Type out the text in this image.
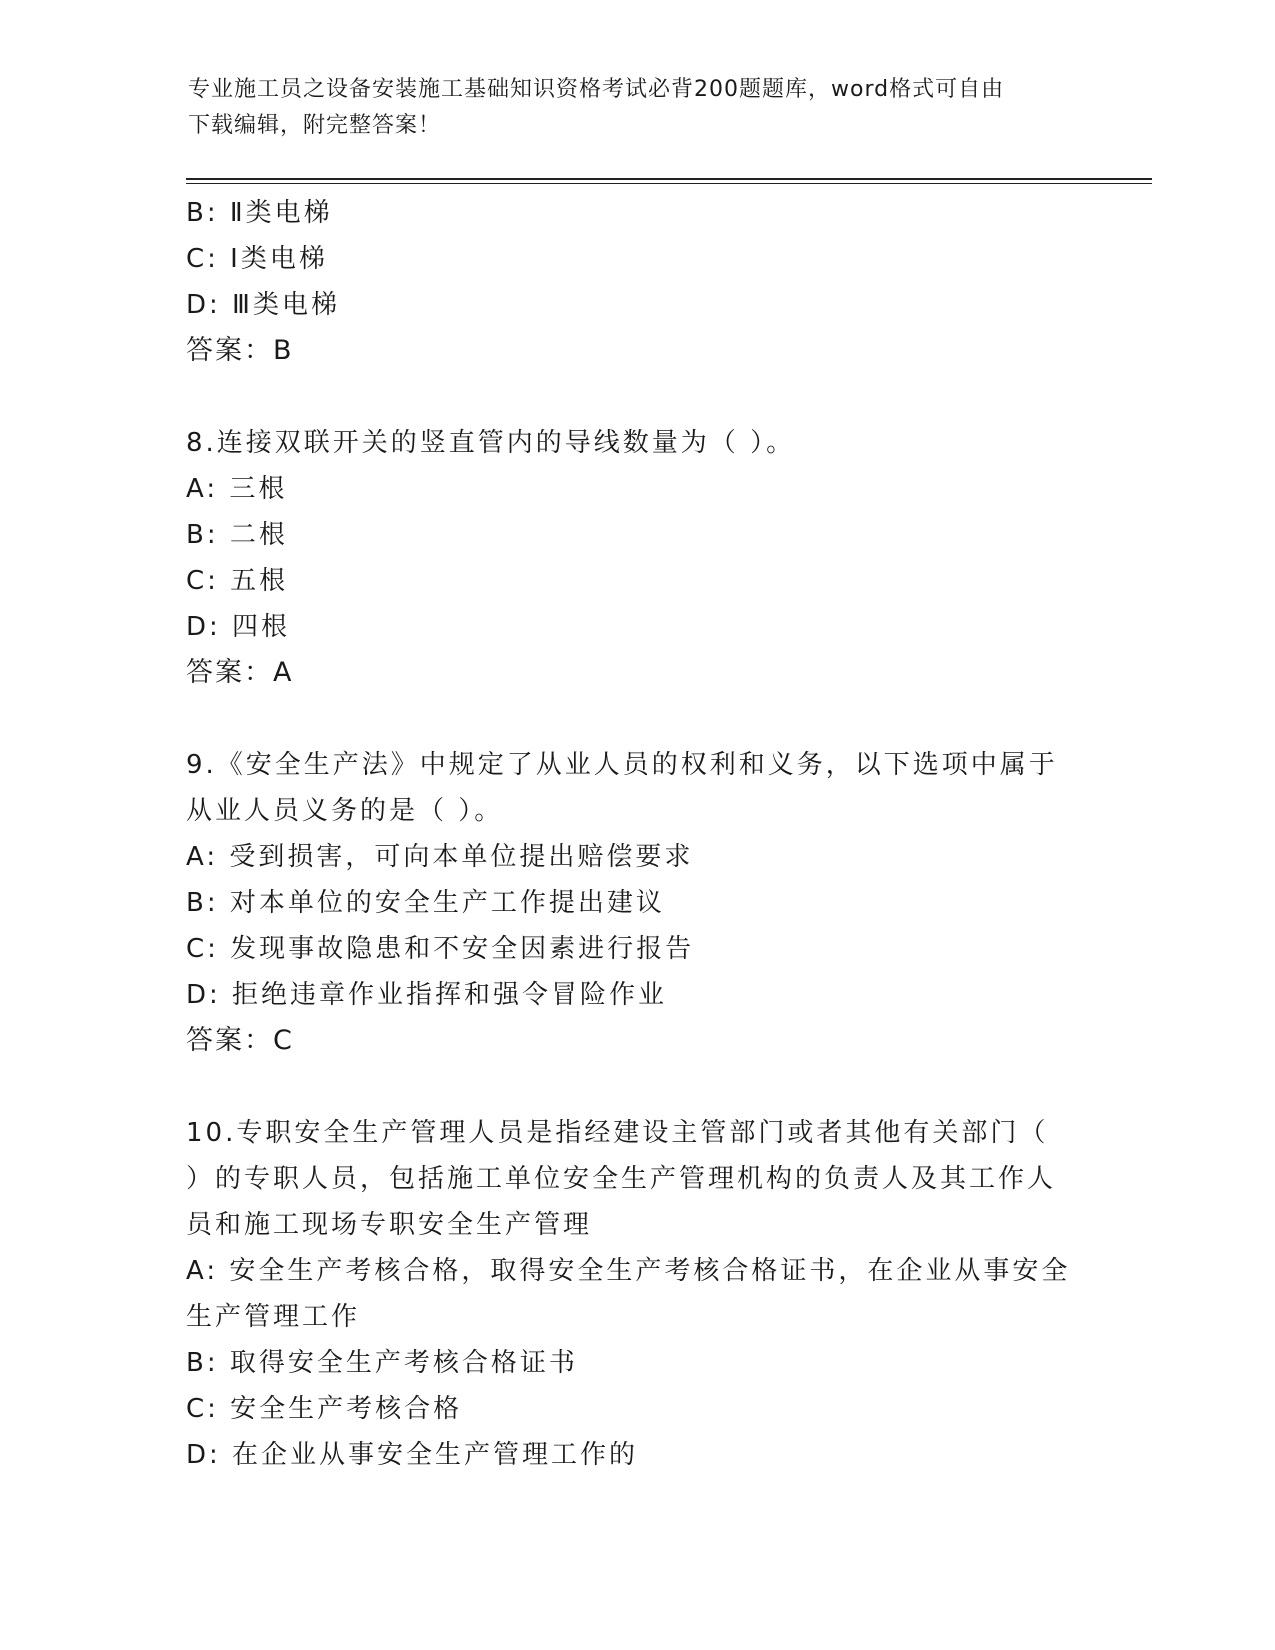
专业施工员之设备安装施工基础知识资格考试必背200题题库，word格式可自由
下载编辑，附完整答案！
B: Ⅱ类电梯
C: Ⅰ类电梯
D: Ⅲ类电梯
答案：B
8.连接双联开关的竖直管内的导线数量为（ ）。
A: 三根
B: 二根
C: 五根
D: 四根
答案：A
9.《安全生产法》中规定了从业人员的权利和义务，以下选项中属于
从业人员义务的是（ ）。
A: 受到损害，可向本单位提出赔偿要求
B: 对本单位的安全生产工作提出建议
C: 发现事故隐患和不安全因素进行报告
D: 拒绝违章作业指挥和强令冒险作业
答案：C
10.专职安全生产管理人员是指经建设主管部门或者其他有关部门（
）的专职人员，包括施工单位安全生产管理机构的负责人及其工作人
员和施工现场专职安全生产管理
A: 安全生产考核合格，取得安全生产考核合格证书，在企业从事安全
生产管理工作
B: 取得安全生产考核合格证书
C: 安全生产考核合格
D: 在企业从事安全生产管理工作的
